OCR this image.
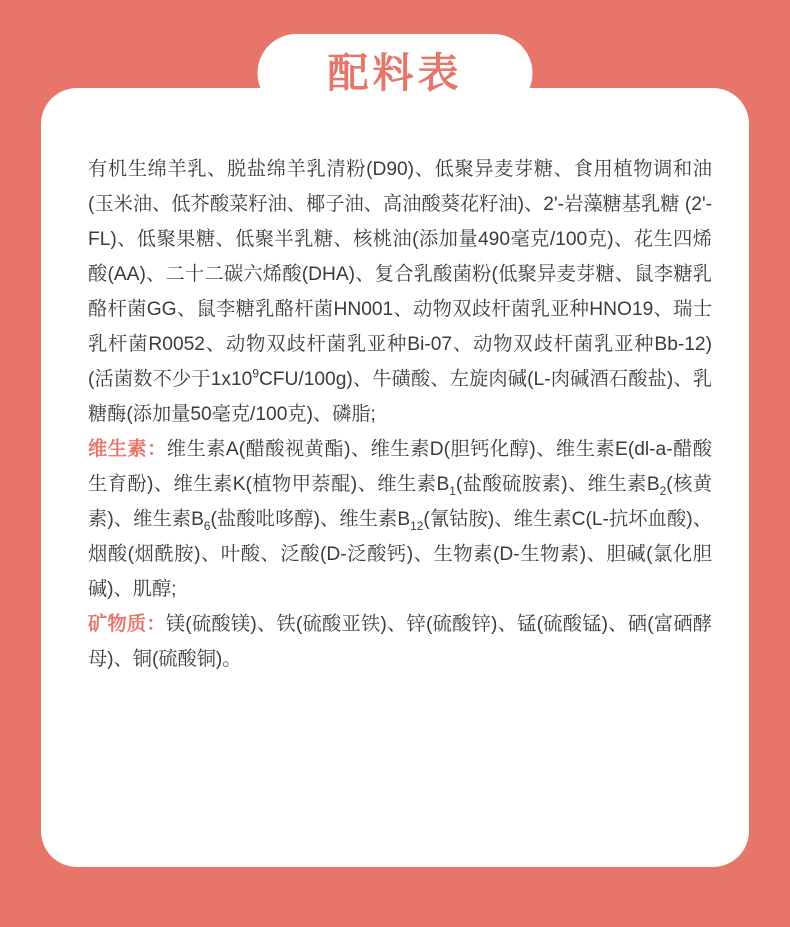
配料表

有机生绵羊乳、脱盐绵羊乳清粉(D90)、低聚异麦芽糖、食用植物调和油(玉米油、低芥酸菜籽油、椰子油、高油酸葵花籽油)、2'-岩藻糖基乳糖 (2'-FL)、低聚果糖、低聚半乳糖、核桃油(添加量490毫克/100克)、花生四烯酸(AA)、二十二碳六烯酸(DHA)、复合乳酸菌粉(低聚异麦芽糖、鼠李糖乳酪杆菌GG、鼠李糖乳酪杆菌HN001、动物双歧杆菌乳亚种HNO19、瑞士乳杆菌R0052、动物双歧杆菌乳亚种Bi-07、动物双歧杆菌乳亚种Bb-12)(活菌数不少于$1x10^9CFU/100g$)、牛磺酸、左旋肉碱(L-肉碱酒石酸盐)、乳糖酶(添加量50毫克/100克)、磷脂;

维生素：维生素A(醋酸视黄酯)、维生素D(胆钙化醇)、维生素E(dl-a-醋酸生育酚)、维生素K(植物甲萘醌)、维生素$B_1$(盐酸硫胺素)、维生素$B_2$(核黄素)、维生素$B_6$(盐酸吡哆醇)、维生素$B_{12}$(氰钴胺)、维生素C(L-抗坏血酸)、烟酸(烟酰胺)、叶酸、泛酸(D-泛酸钙)、生物素(D-生物素)、胆碱(氯化胆碱)、肌醇;

矿物质：镁(硫酸镁)、铁(硫酸亚铁)、锌(硫酸锌)、锰(硫酸锰)、硒(富硒酵母)、铜(硫酸铜)。
